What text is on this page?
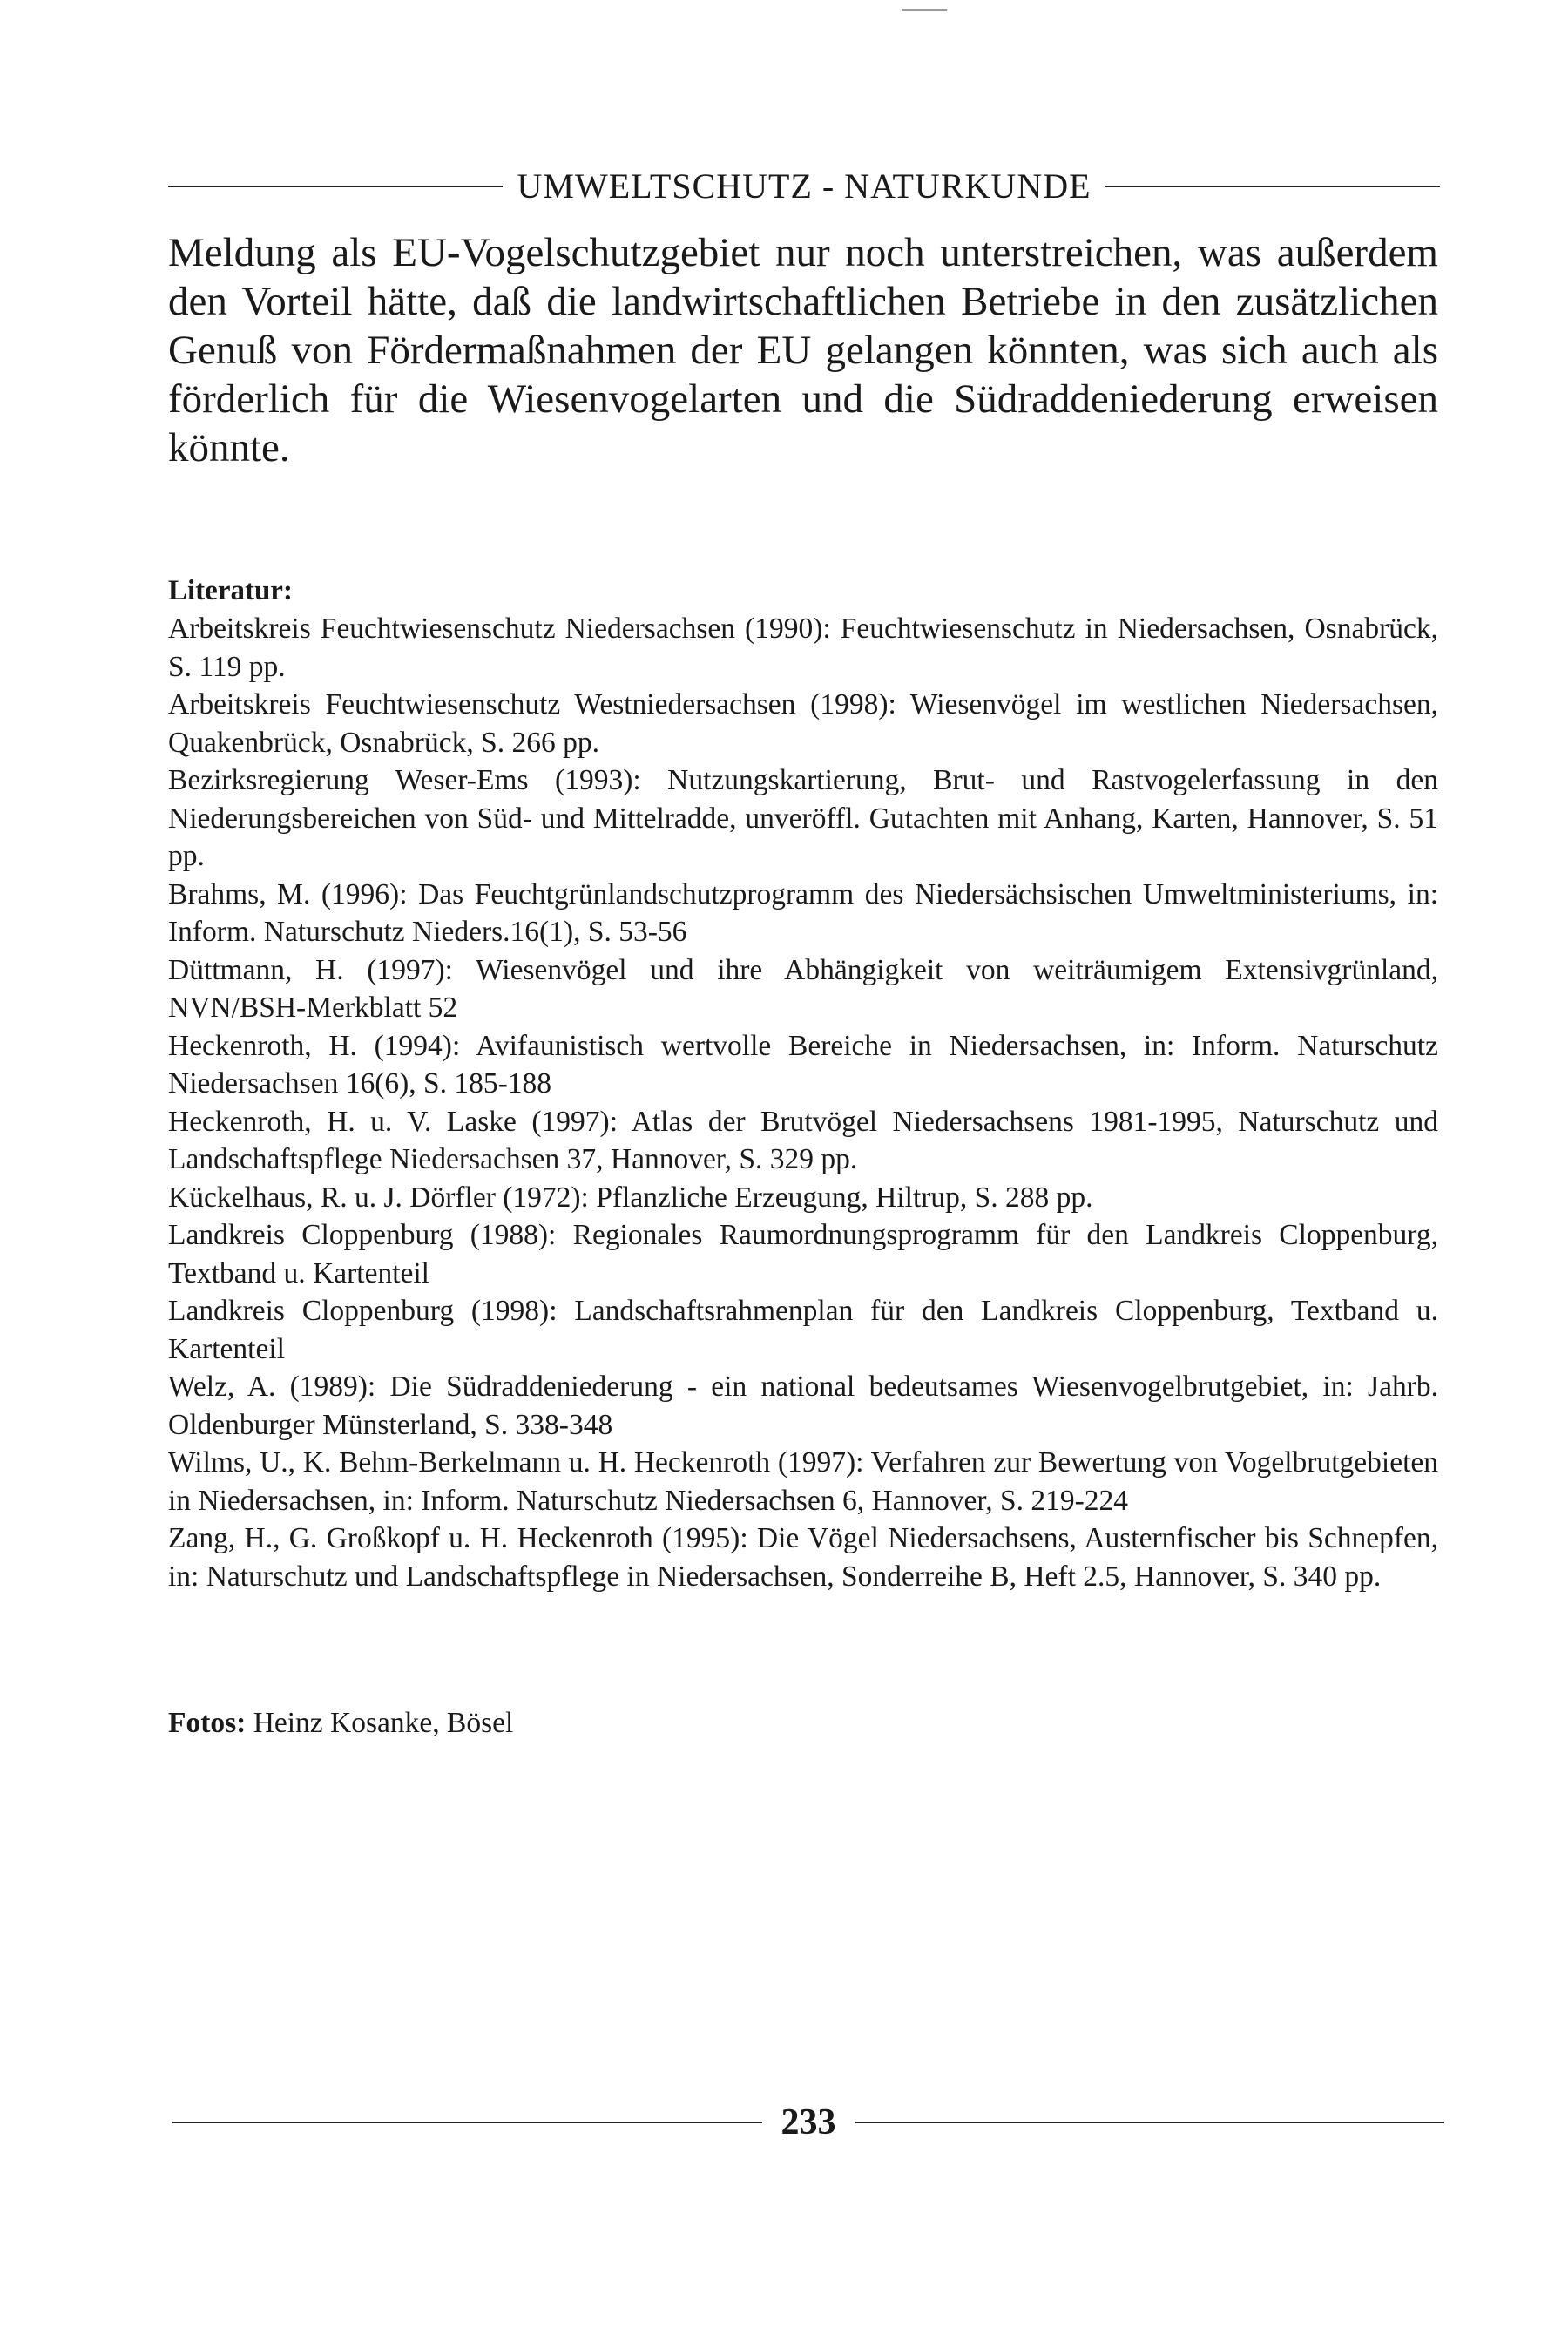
UMWELTSCHUTZ - NATURKUNDE

Meldung als EU-Vogelschutzgebiet nur noch unterstreichen, was außerdem den Vorteil hätte, daß die landwirtschaftlichen Betriebe in den zusätzlichen Genuß von Fördermaßnahmen der EU gelangen könnten, was sich auch als förderlich für die Wiesenvogelarten und die Südraddeniederung erweisen könnte.

Literatur:

Arbeitskreis Feuchtwiesenschutz Niedersachsen (1990): Feuchtwiesenschutz in Niedersachsen, Osnabrück, S. 119 pp.
Arbeitskreis Feuchtwiesenschutz Westniedersachsen (1998): Wiesenvögel im westlichen Niedersachsen, Quakenbrück, Osnabrück, S. 266 pp.
Bezirksregierung Weser-Ems (1993): Nutzungskartierung, Brut- und Rastvogelerfassung in den Niederungsbereichen von Süd- und Mittelradde, unveröffl. Gutachten mit Anhang, Karten, Hannover, S. 51 pp.
Brahms, M. (1996): Das Feuchtgrünlandschutzprogramm des Niedersächsischen Umweltministeriums, in: Inform. Naturschutz Nieders.16(1), S. 53-56
Düttmann, H. (1997): Wiesenvögel und ihre Abhängigkeit von weiträumigem Extensivgrünland, NVN/BSH-Merkblatt 52
Heckenroth, H. (1994): Avifaunistisch wertvolle Bereiche in Niedersachsen, in: Inform. Naturschutz Niedersachsen 16(6), S. 185-188
Heckenroth, H. u. V. Laske (1997): Atlas der Brutvögel Niedersachsens 1981-1995, Naturschutz und Landschaftspflege Niedersachsen 37, Hannover, S. 329 pp.
Kückelhaus, R. u. J. Dörfler (1972): Pflanzliche Erzeugung, Hiltrup, S. 288 pp.
Landkreis Cloppenburg (1988): Regionales Raumordnungsprogramm für den Landkreis Cloppenburg, Textband u. Kartenteil
Landkreis Cloppenburg (1998): Landschaftsrahmenplan für den Landkreis Cloppenburg, Textband u. Kartenteil
Welz, A. (1989): Die Südraddeniederung - ein national bedeutsames Wiesenvogelbrutgebiet, in: Jahrb. Oldenburger Münsterland, S. 338-348
Wilms, U., K. Behm-Berkelmann u. H. Heckenroth (1997): Verfahren zur Bewertung von Vogelbrutgebieten in Niedersachsen, in: Inform. Naturschutz Niedersachsen 6, Hannover, S. 219-224
Zang, H., G. Großkopf u. H. Heckenroth (1995): Die Vögel Niedersachsens, Austernfischer bis Schnepfen, in: Naturschutz und Landschaftspflege in Niedersachsen, Sonderreihe B, Heft 2.5, Hannover, S. 340 pp.

Fotos: Heinz Kosanke, Bösel

233
